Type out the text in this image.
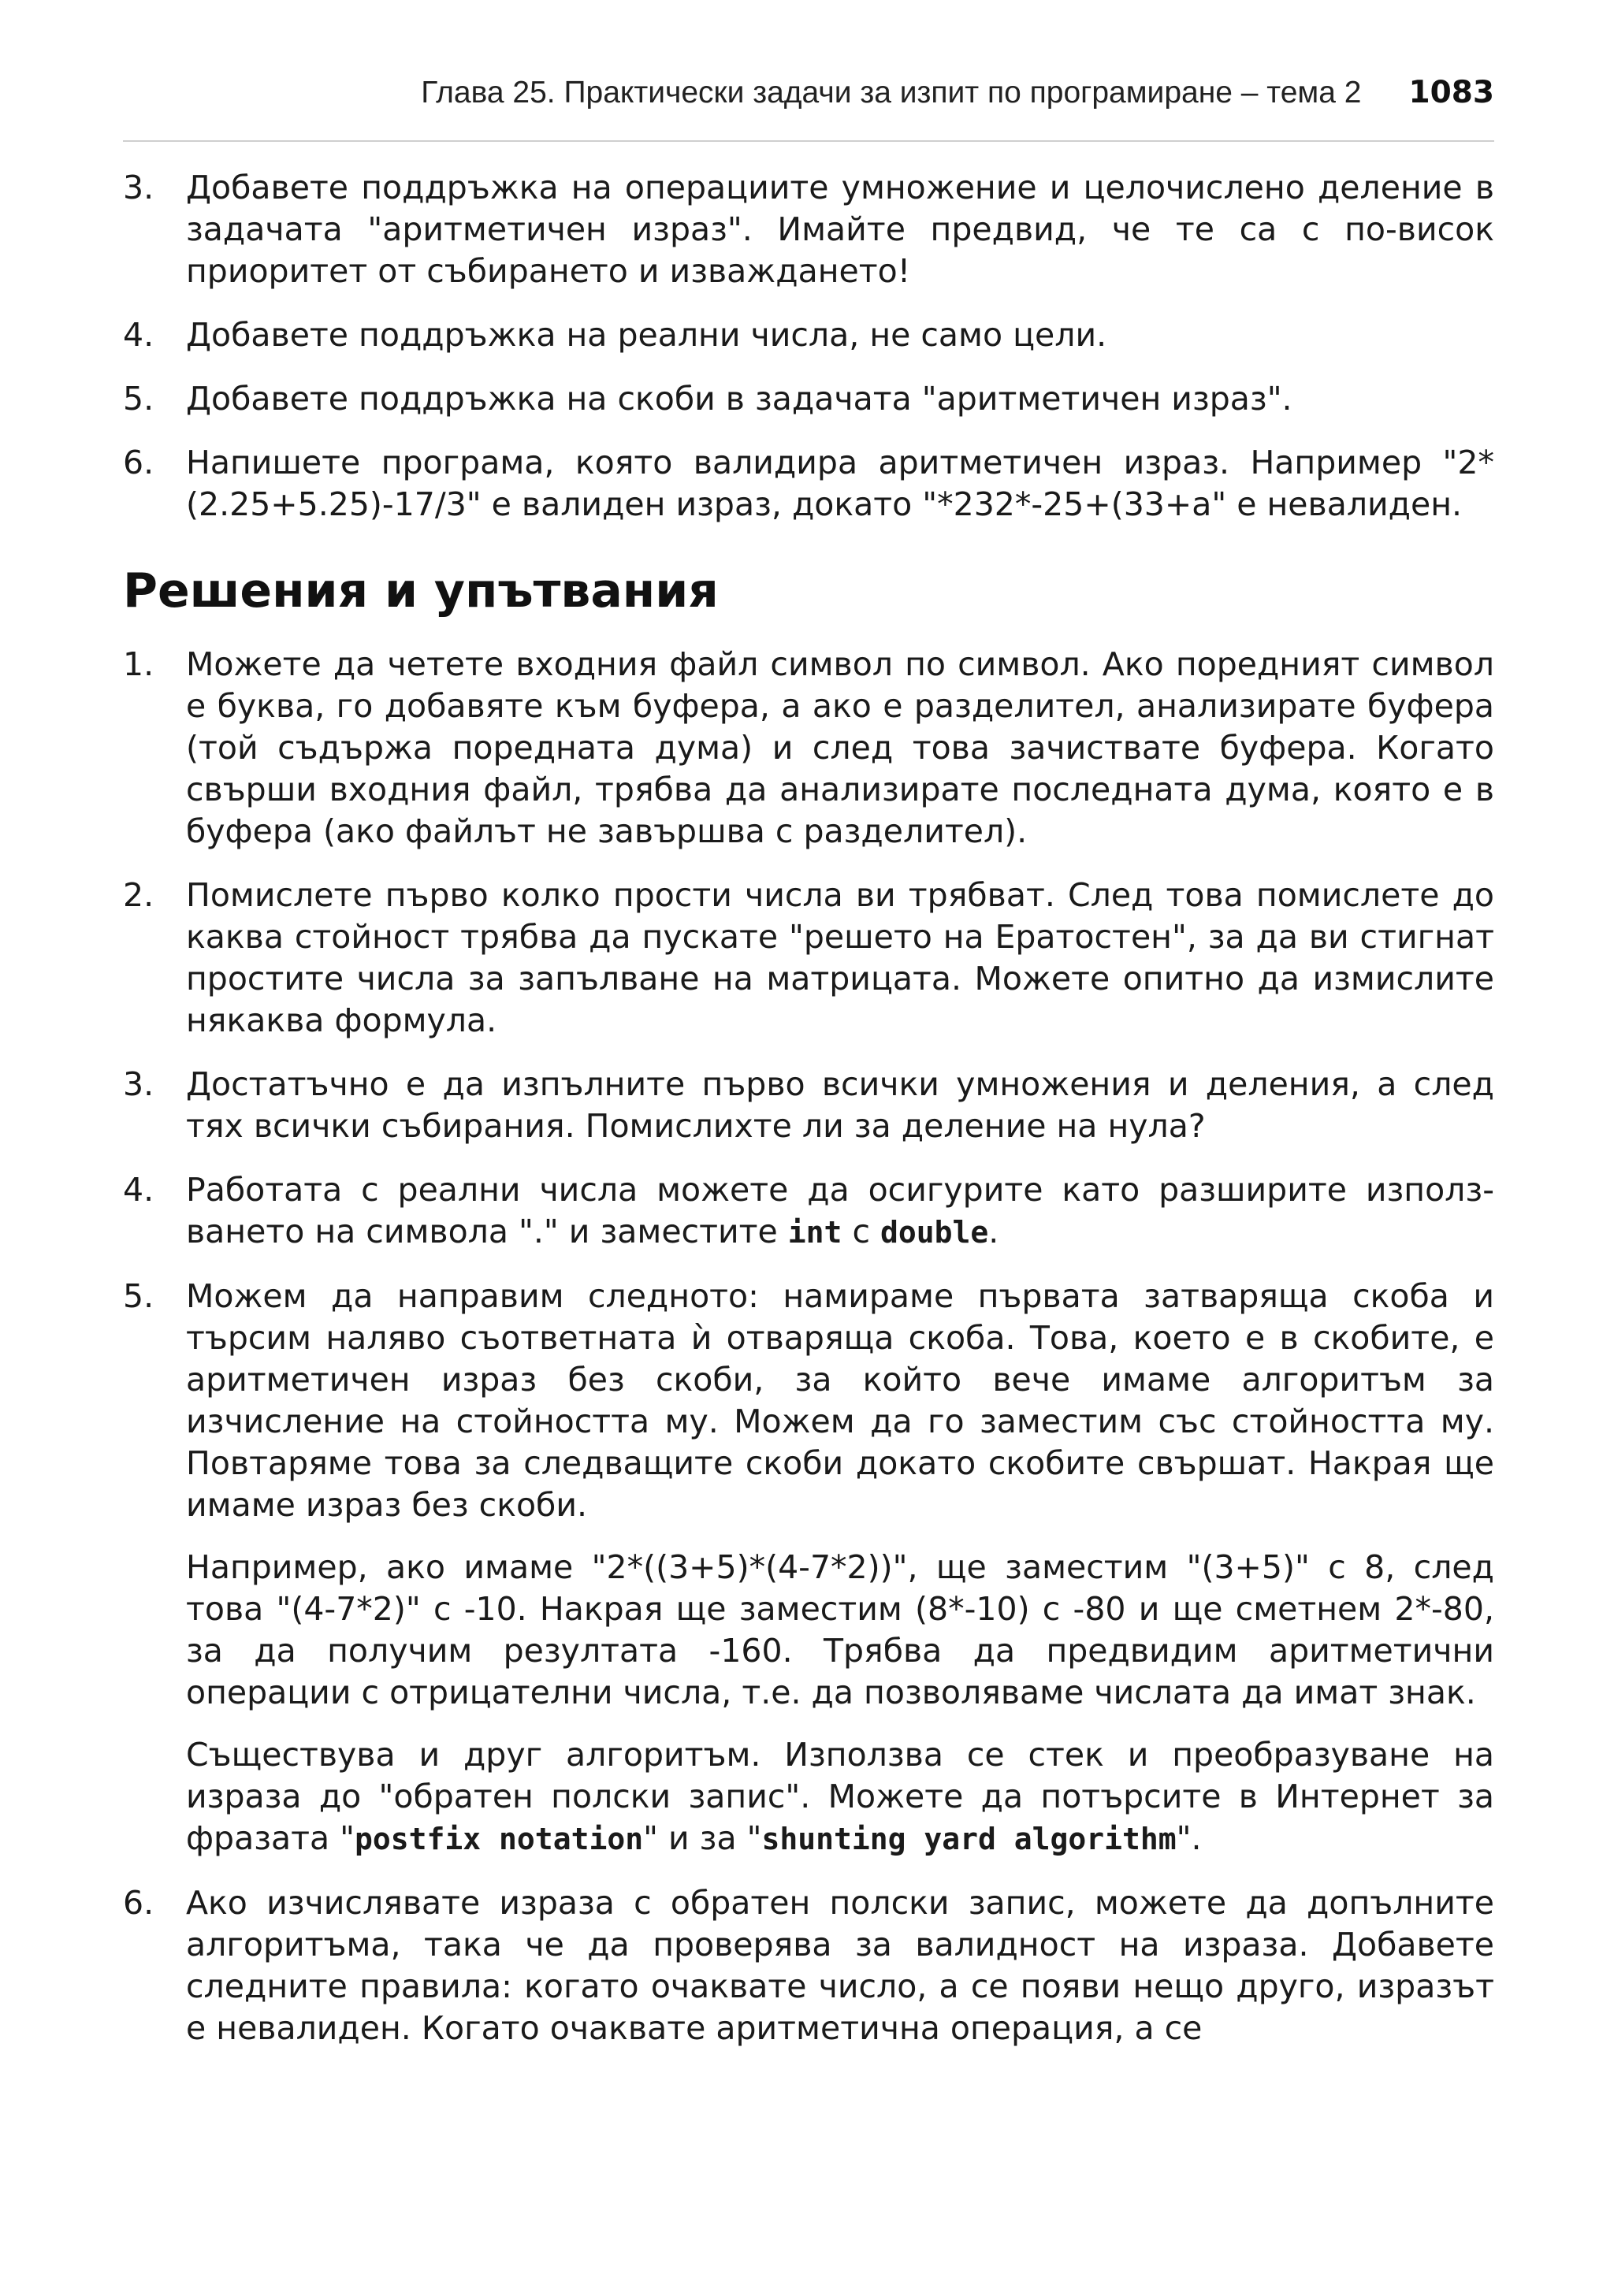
Глава 25. Практически задачи за изпит по програмиране – тема 2 1083
3. Добавете поддръжка на операциите умножение и целочислено деление в задачата "аритметичен израз". Имайте предвид, че те са с по-висок приоритет от събирането и изваждането!

4. Добавете поддръжка на реални числа, не само цели.

5. Добавете поддръжка на скоби в задачата "аритметичен израз".

6. Напишете програма, която валидира аритметичен израз. Например "2*(2.25+5.25)-17/3" е валиден израз, докато "*232*-25+(33+a" е невалиден.

Решения и упътвания
1. Можете да четете входния файл символ по символ. Ако поредният символ е буква, го добавяте към буфера, а ако е разделител, анализирате буфера (той съдържа поредната дума) и след това зачиствате буфера. Когато свърши входния файл, трябва да анализирате последната дума, която е в буфера (ако файлът не завършва с разделител).

2. Помислете първо колко прости числа ви трябват. След това помислете до каква стойност трябва да пускате "решето на Ератостен", за да ви стигнат простите числа за запълване на матрицата. Можете опитно да измислите някаква формула.

3. Достатъчно е да изпълните първо всички умножения и деления, а след тях всички събирания. Помислихте ли за деление на нула?

4. Работата с реални числа можете да осигурите като разширите използването на символа "." и заместите int с double.

5. Можем да направим следното: намираме първата затваряща скоба и търсим наляво съответната ѝ отваряща скоба. Това, което е в скобите, е аритметичен израз без скоби, за който вече имаме алгоритъм за изчисление на стойността му. Можем да го заместим със стойността му. Повтаряме това за следващите скоби докато скобите свършат. Накрая ще имаме израз без скоби.

Например, ако имаме "2*((3+5)*(4-7*2))", ще заместим "(3+5)" с 8, след това "(4-7*2)" с -10. Накрая ще заместим (8*-10) с -80 и ще сметнем 2*-80, за да получим резултата -160. Трябва да предвидим аритметични операции с отрицателни числа, т.е. да позволяваме числата да имат знак.

Съществува и друг алгоритъм. Използва се стек и преобразуване на израза до "обратен полски запис". Можете да потърсите в Интернет за фразата "postfix notation" и за "shunting yard algorithm".

6. Ако изчислявате израза с обратен полски запис, можете да допълните алгоритъма, така че да проверява за валидност на израза. Добавете следните правила: когато очаквате число, а се появи нещо друго, изразът е невалиден. Когато очаквате аритметична операция, а се
